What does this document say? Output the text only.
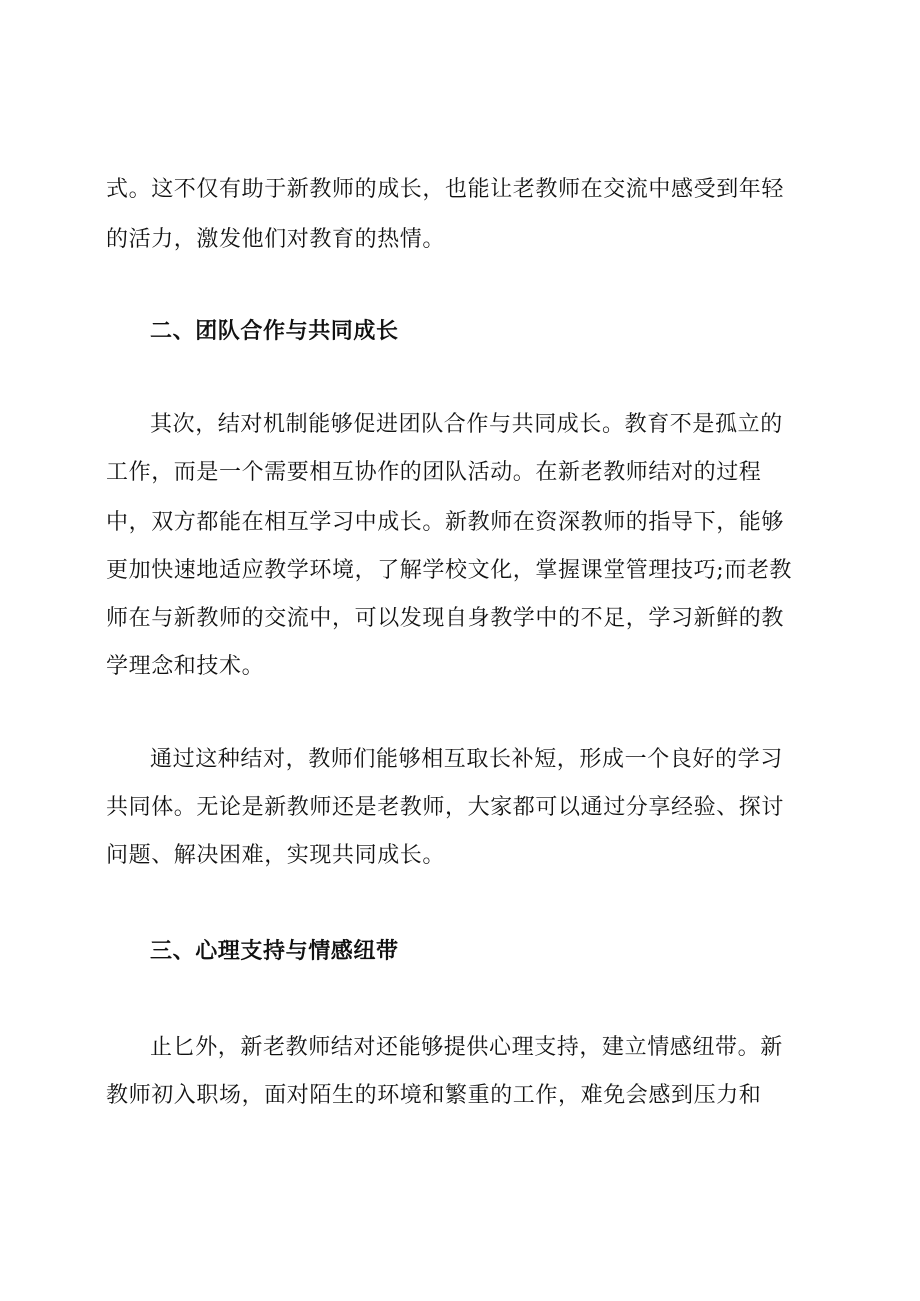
式。这不仅有助于新教师的成长，也能让老教师在交流中感受到年轻
的活力，激发他们对教育的热情。
二、团队合作与共同成长
其次，结对机制能够促进团队合作与共同成长。教育不是孤立的
工作，而是一个需要相互协作的团队活动。在新老教师结对的过程
中，双方都能在相互学习中成长。新教师在资深教师的指导下，能够
更加快速地适应教学环境，了解学校文化，掌握课堂管理技巧;而老教
师在与新教师的交流中，可以发现自身教学中的不足，学习新鲜的教
学理念和技术。
通过这种结对，教师们能够相互取长补短，形成一个良好的学习
共同体。无论是新教师还是老教师，大家都可以通过分享经验、探讨
问题、解决困难，实现共同成长。
三、心理支持与情感纽带
止匕外，新老教师结对还能够提供心理支持，建立情感纽带。新
教师初入职场，面对陌生的环境和繁重的工作，难免会感到压力和
